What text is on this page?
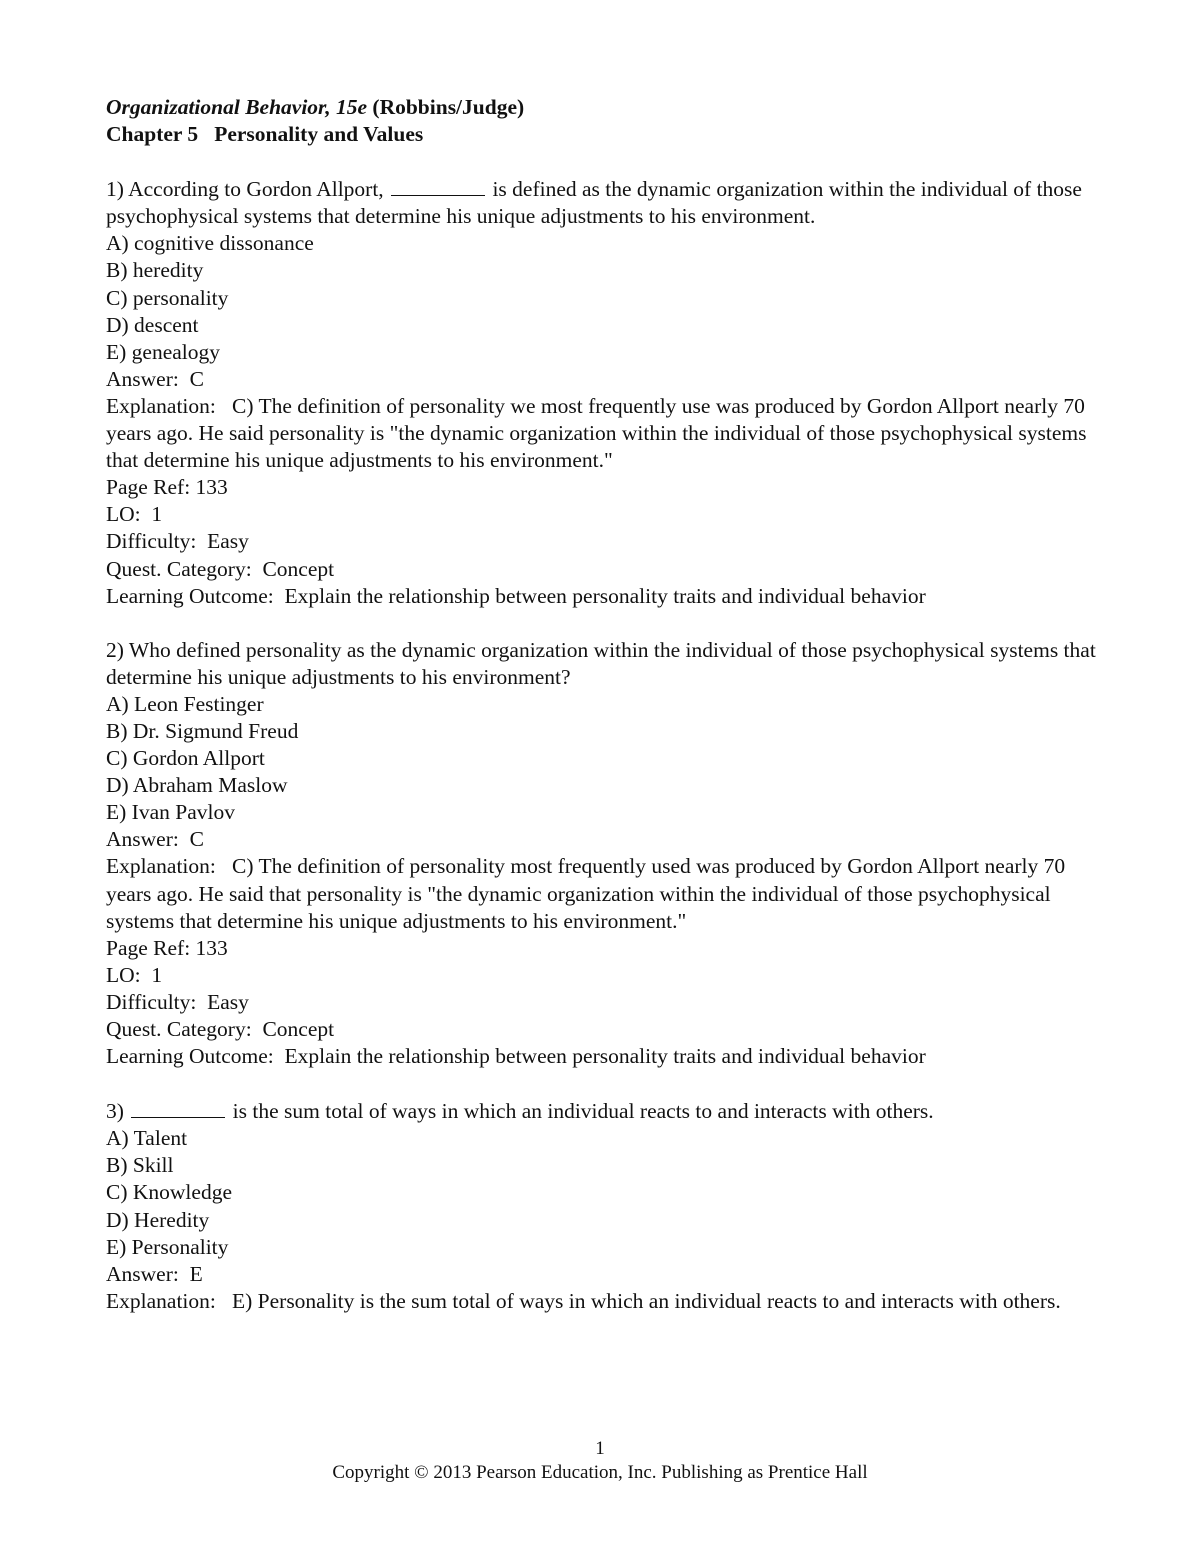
Organizational Behavior, 15e (Robbins/Judge)
Chapter 5 Personality and Values
1) According to Gordon Allport,	is defined as the dynamic organization within the individual of those psychophysical systems that determine his unique adjustments to his environment.
A) cognitive dissonance
B) heredity
C) personality
D) descent
E) genealogy
Answer:  C
Explanation:   C) The definition of personality we most frequently use was produced by Gordon Allport nearly 70 years ago. He said personality is "the dynamic organization within the individual of those psychophysical systems that determine his unique adjustments to his environment."
Page Ref: 133
LO:  1
Difficulty:  Easy
Quest. Category:  Concept
Learning Outcome:  Explain the relationship between personality traits and individual behavior
2) Who defined personality as the dynamic organization within the individual of those psychophysical systems that determine his unique adjustments to his environment?
A) Leon Festinger
B) Dr. Sigmund Freud
C) Gordon Allport
D) Abraham Maslow
E) Ivan Pavlov
Answer:  C
Explanation:   C) The definition of personality most frequently used was produced by Gordon Allport nearly 70 years ago. He said that personality is "the dynamic organization within the individual of those psychophysical systems that determine his unique adjustments to his environment."
Page Ref: 133
LO:  1
Difficulty:  Easy
Quest. Category:  Concept
Learning Outcome:  Explain the relationship between personality traits and individual behavior
3)	is the sum total of ways in which an individual reacts to and interacts with others.
A) Talent
B) Skill
C) Knowledge
D) Heredity
E) Personality
Answer:  E
Explanation:   E) Personality is the sum total of ways in which an individual reacts to and interacts with others.
1
Copyright © 2013 Pearson Education, Inc. Publishing as Prentice Hall
